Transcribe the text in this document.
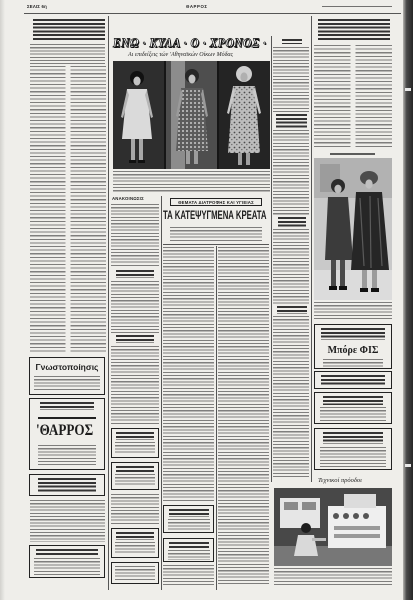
ΣΕΛΙΣ 6η	ΘΑΡΡΟΣ
Γνωστοποίησις
'ΘΑΡΡΟΣ
ΕΝΩ · ΚΥΛΑ · Ο · ΧΡΟΝΟΣ ·
Αι επιδείξεις τών 'Αθηναϊκών Οίκων Μόδας
ΑΝΑΚΟΙΝΩΣΙΣ
ΘΕΜΑΤΑ ΔΙΑΤΡΟΦΗΣ ΚΑΙ ΥΓΙΕΙΑΣ
ΤΑ ΚΑΤΕΨΥΓΜΕΝΑ ΚΡΕΑΤΑ
Μπόρε ΦΙΣ
Τεχνικοί πρόοδοι
